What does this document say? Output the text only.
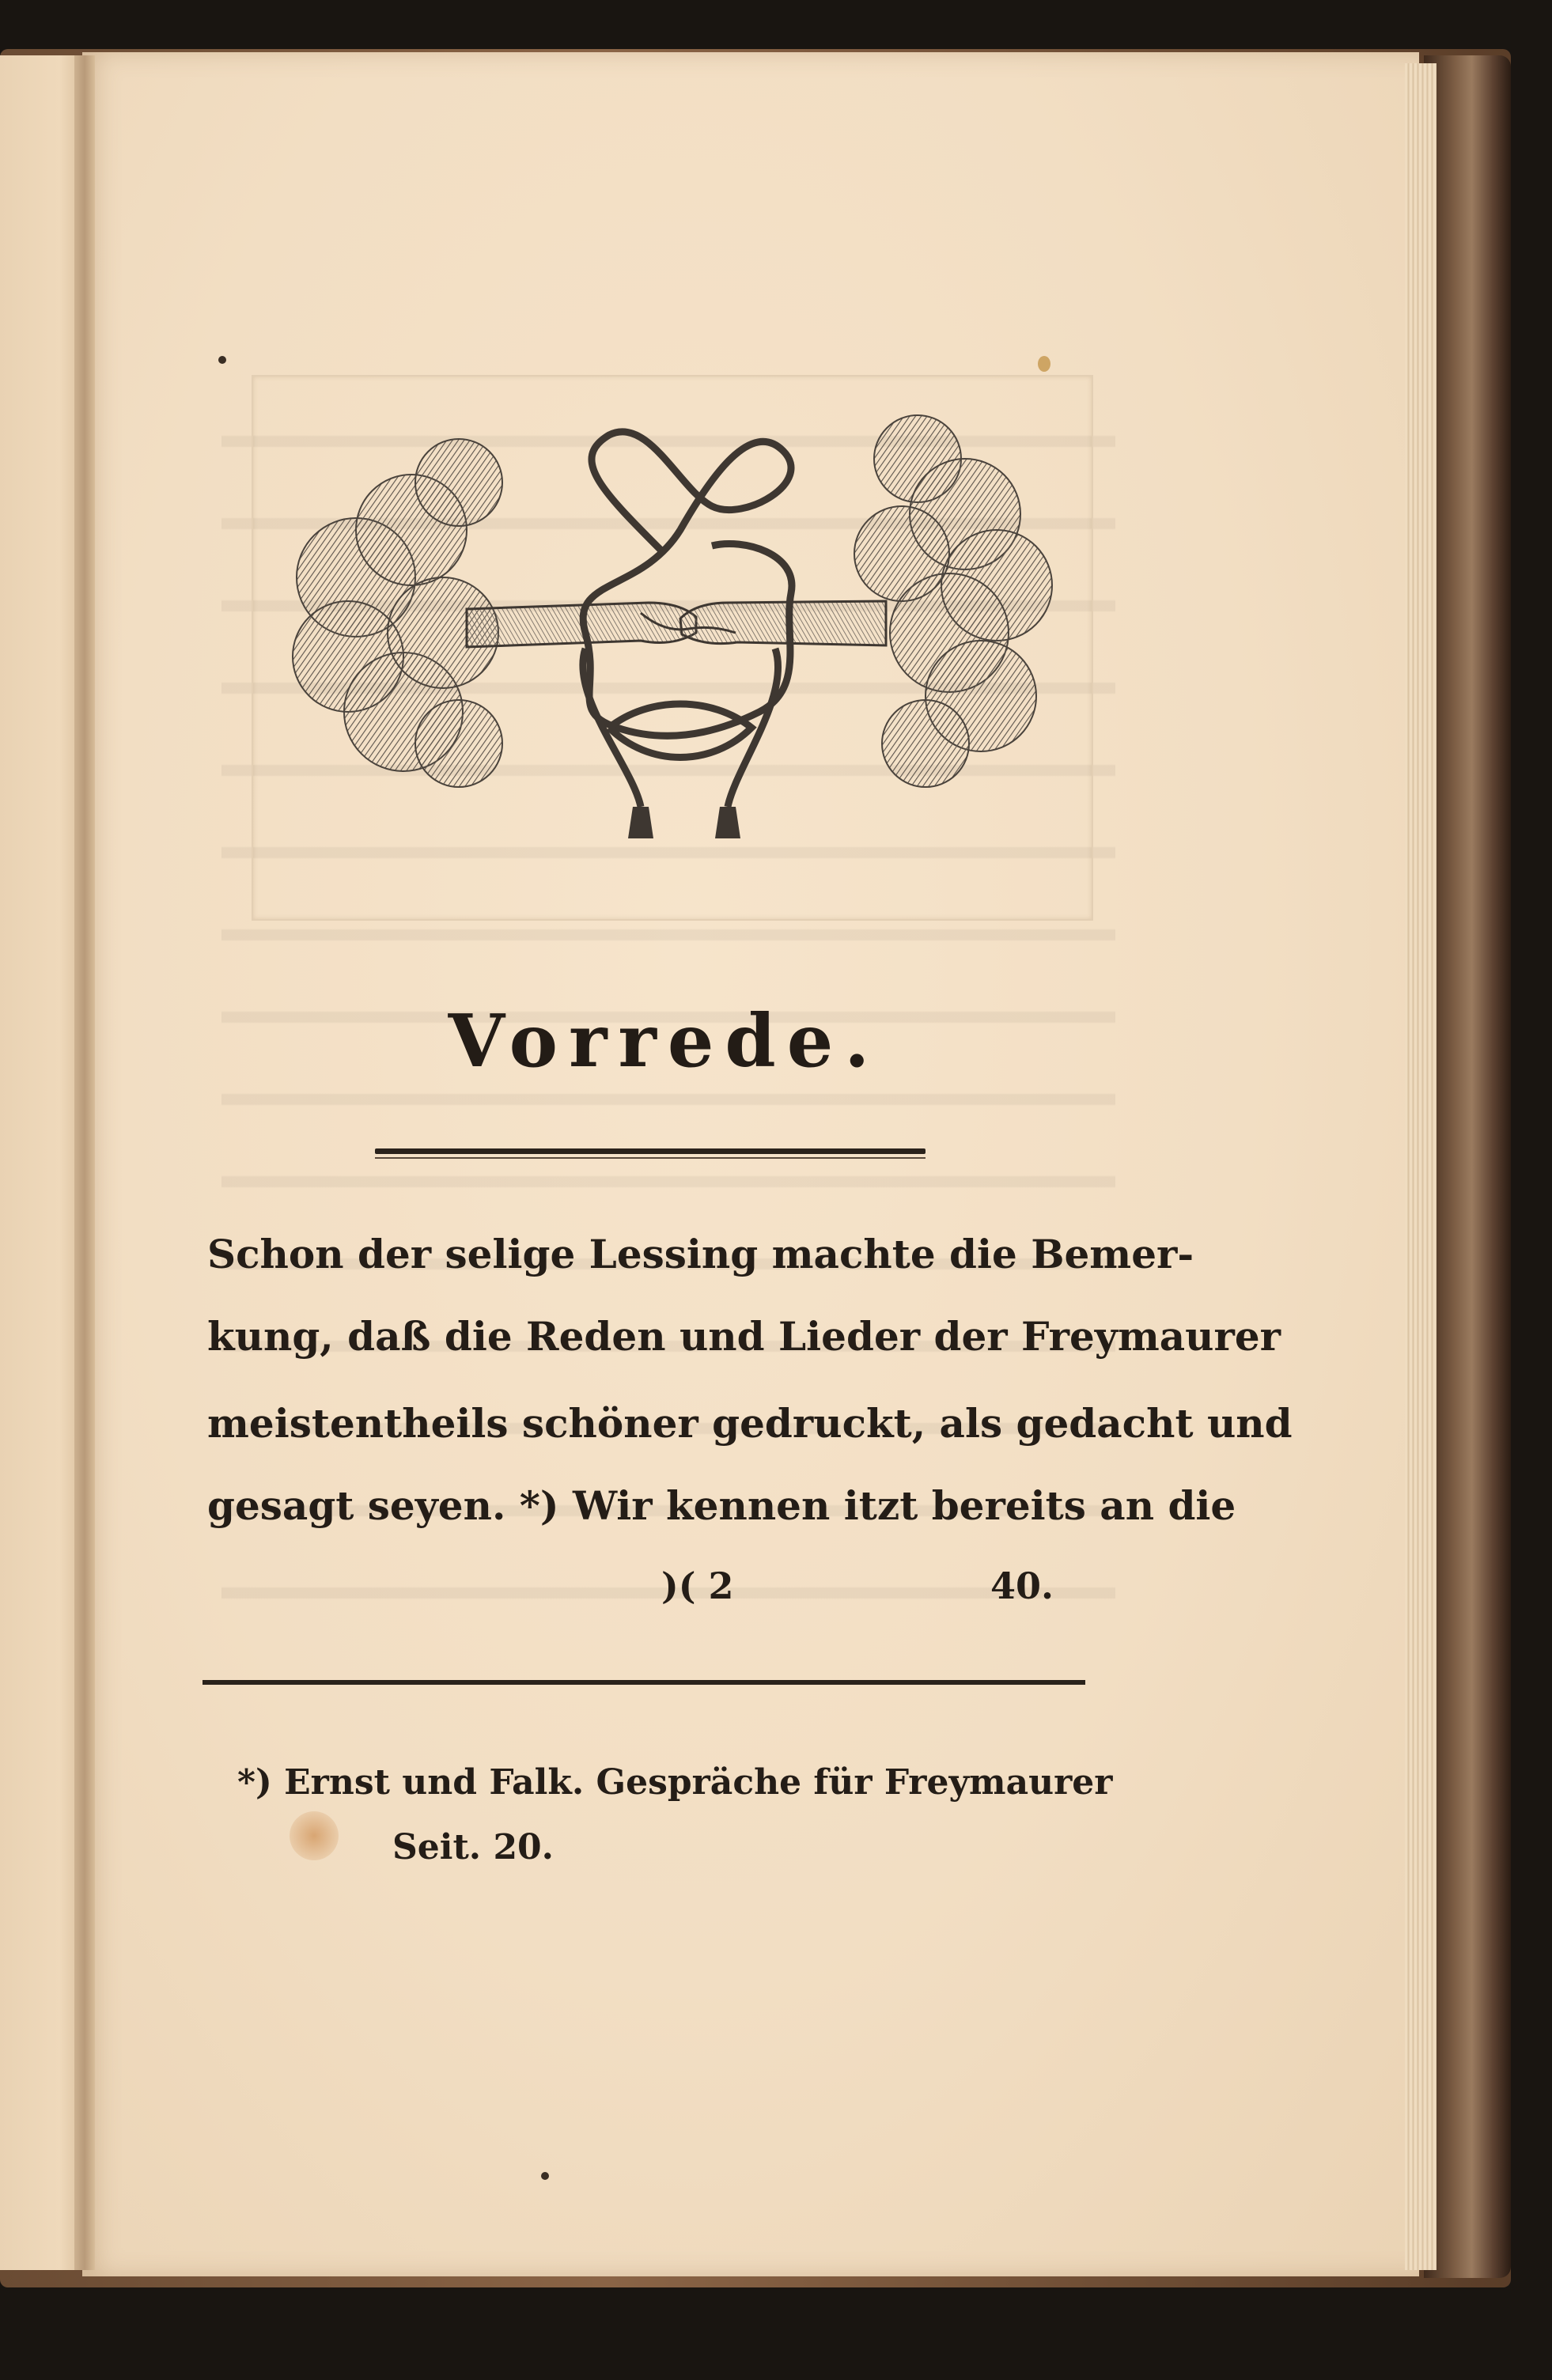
Vorrede.
Schon der selige Lessing machte die Bemer-
kung, daß die Reden und Lieder der Freymaurer
meistentheils schöner gedruckt, als gedacht und
gesagt seyen. *) Wir kennen itzt bereits an die
)( 2	40.
*) Ernst und Falk. Gespräche für Freymaurer
Seit. 20.
